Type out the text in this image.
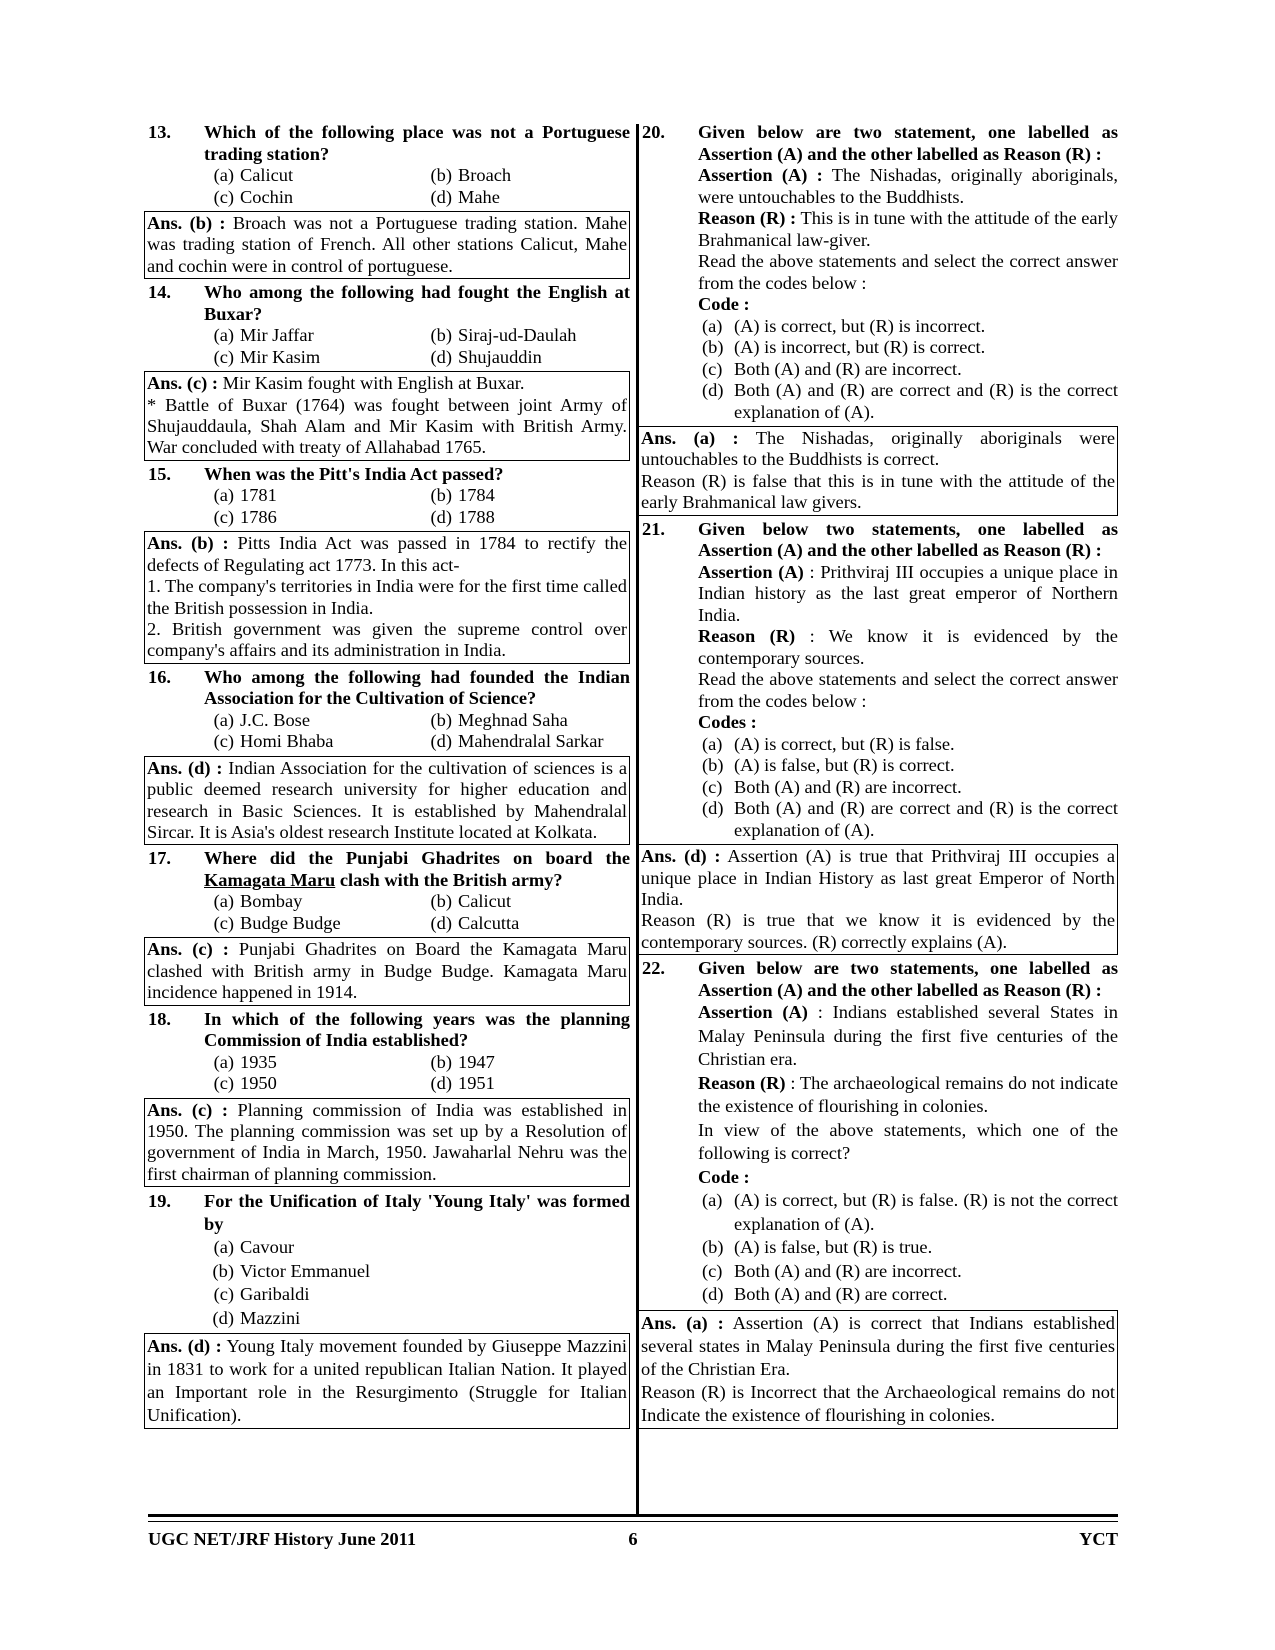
13.	Which of the following place was not a Portuguese trading station?
(a) Calicut	(b) Broach
(c) Cochin	(d) Mahe
Ans. (b) : Broach was not a Portuguese trading station. Mahe was trading station of French. All other stations Calicut, Mahe and cochin were in control of portuguese.
14.	Who among the following had fought the English at Buxar?
(a) Mir Jaffar	(b) Siraj-ud-Daulah
(c) Mir Kasim	(d) Shujauddin

Ans. (c) : Mir Kasim fought with English at Buxar.

* Battle of Buxar (1764) was fought between joint Army of Shujauddaula, Shah Alam and Mir Kasim with British Army. War concluded with treaty of Allahabad 1765.

15.	When was the Pitt's India Act passed?
(a) 1781	(b) 1784
(c) 1786	(d) 1788

Ans. (b) : Pitts India Act was passed in 1784 to rectify the defects of Regulating act 1773. In this act-

1. The company's territories in India were for the first time called the British possession in India.

2. British government was given the supreme control over company's affairs and its administration in India.

16.	Who among the following had founded the Indian Association for the Cultivation of Science?
(a) J.C. Bose	(b) Meghnad Saha
(c) Homi Bhaba	(d) Mahendralal Sarkar
Ans. (d) : Indian Association for the cultivation of sciences is a public deemed research university for higher education and research in Basic Sciences. It is established by Mahendralal Sircar. It is Asia's oldest research Institute located at Kolkata.
17.	Where did the Punjabi Ghadrites on board the Kamagata Maru clash with the British army?
(a) Bombay	(b) Calicut
(c) Budge Budge	(d) Calcutta
Ans. (c) : Punjabi Ghadrites on Board the Kamagata Maru clashed with British army in Budge Budge. Kamagata Maru incidence happened in 1914.
18.	In which of the following years was the planning Commission of India established?
(a) 1935	(b) 1947
(c) 1950	(d) 1951
Ans. (c) : Planning commission of India was established in 1950. The planning commission was set up by a Resolution of government of India in March, 1950. Jawaharlal Nehru was the first chairman of planning commission.
19.	For the Unification of Italy 'Young Italy' was formed by
(a) Cavour
(b) Victor Emmanuel
(c) Garibaldi
(d) Mazzini
Ans. (d) : Young Italy movement founded by Giuseppe Mazzini in 1831 to work for a united republican Italian Nation. It played an Important role in the Resurgimento (Struggle for Italian Unification).
20.	Given below are two statement, one labelled as Assertion (A) and the other labelled as Reason (R) :
Assertion (A) : The Nishadas, originally aboriginals, were untouchables to the Buddhists.
Reason (R) : This is in tune with the attitude of the early Brahmanical law-giver.
Read the above statements and select the correct answer from the codes below :
Code :
(a) (A) is correct, but (R) is incorrect.
(b) (A) is incorrect, but (R) is correct.
(c) Both (A) and (R) are incorrect.
(d) Both (A) and (R) are correct and (R) is the correct explanation of (A).

Ans. (a) : The Nishadas, originally aboriginals were untouchables to the Buddhists is correct.

Reason (R) is false that this is in tune with the attitude of the early Brahmanical law givers.

21.	Given below two statements, one labelled as Assertion (A) and the other labelled as Reason (R) :
Assertion (A) : Prithviraj III occupies a unique place in Indian history as the last great emperor of Northern India.
Reason (R) : We know it is evidenced by the contemporary sources.
Read the above statements and select the correct answer from the codes below :
Codes :
(a) (A) is correct, but (R) is false.
(b) (A) is false, but (R) is correct.
(c) Both (A) and (R) are incorrect.
(d) Both (A) and (R) are correct and (R) is the correct explanation of (A).

Ans. (d) : Assertion (A) is true that Prithviraj III occupies a unique place in Indian History as last great Emperor of North India.

Reason (R) is true that we know it is evidenced by the contemporary sources. (R) correctly explains (A).

22.	Given below are two statements, one labelled as Assertion (A) and the other labelled as Reason (R) :
Assertion (A) : Indians established several States in Malay Peninsula during the first five centuries of the Christian era.
Reason (R) : The archaeological remains do not indicate the existence of flourishing in colonies.
In view of the above statements, which one of the following is correct?
Code :
(a) (A) is correct, but (R) is false. (R) is not the correct explanation of (A).
(b) (A) is false, but (R) is true.
(c) Both (A) and (R) are incorrect.
(d) Both (A) and (R) are correct.

Ans. (a) : Assertion (A) is correct that Indians established several states in Malay Peninsula during the first five centuries of the Christian Era.

Reason (R) is Incorrect that the Archaeological remains do not Indicate the existence of flourishing in colonies.

UGC NET/JRF History June 2011	6	YCT
